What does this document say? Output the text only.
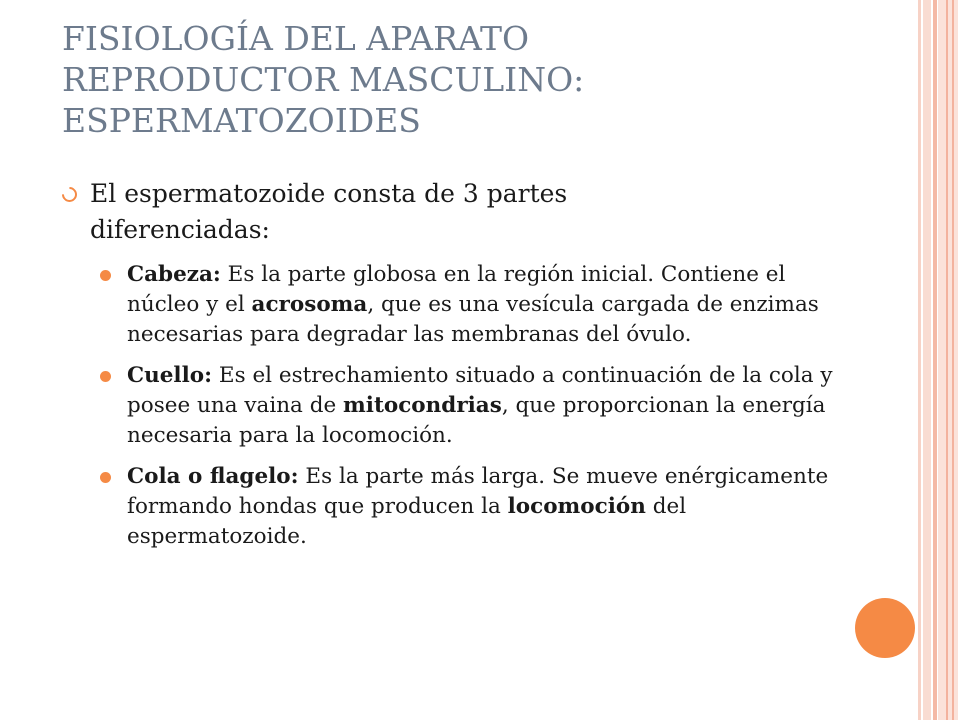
FISIOLOGÍA DEL APARATO
REPRODUCTOR MASCULINO:
ESPERMATOZOIDES
El espermatozoide consta de 3 partes
diferenciadas:
Cabeza: Es la parte globosa en la región inicial. Contiene el núcleo y el acrosoma, que es una vesícula cargada de enzimas necesarias para degradar las membranas del óvulo.
Cuello: Es el estrechamiento situado a continuación de la cola y posee una vaina de mitocondrias, que proporcionan la energía necesaria para la locomoción.
Cola o flagelo: Es la parte más larga. Se mueve enérgicamente formando hondas que producen la locomoción del espermatozoide.
